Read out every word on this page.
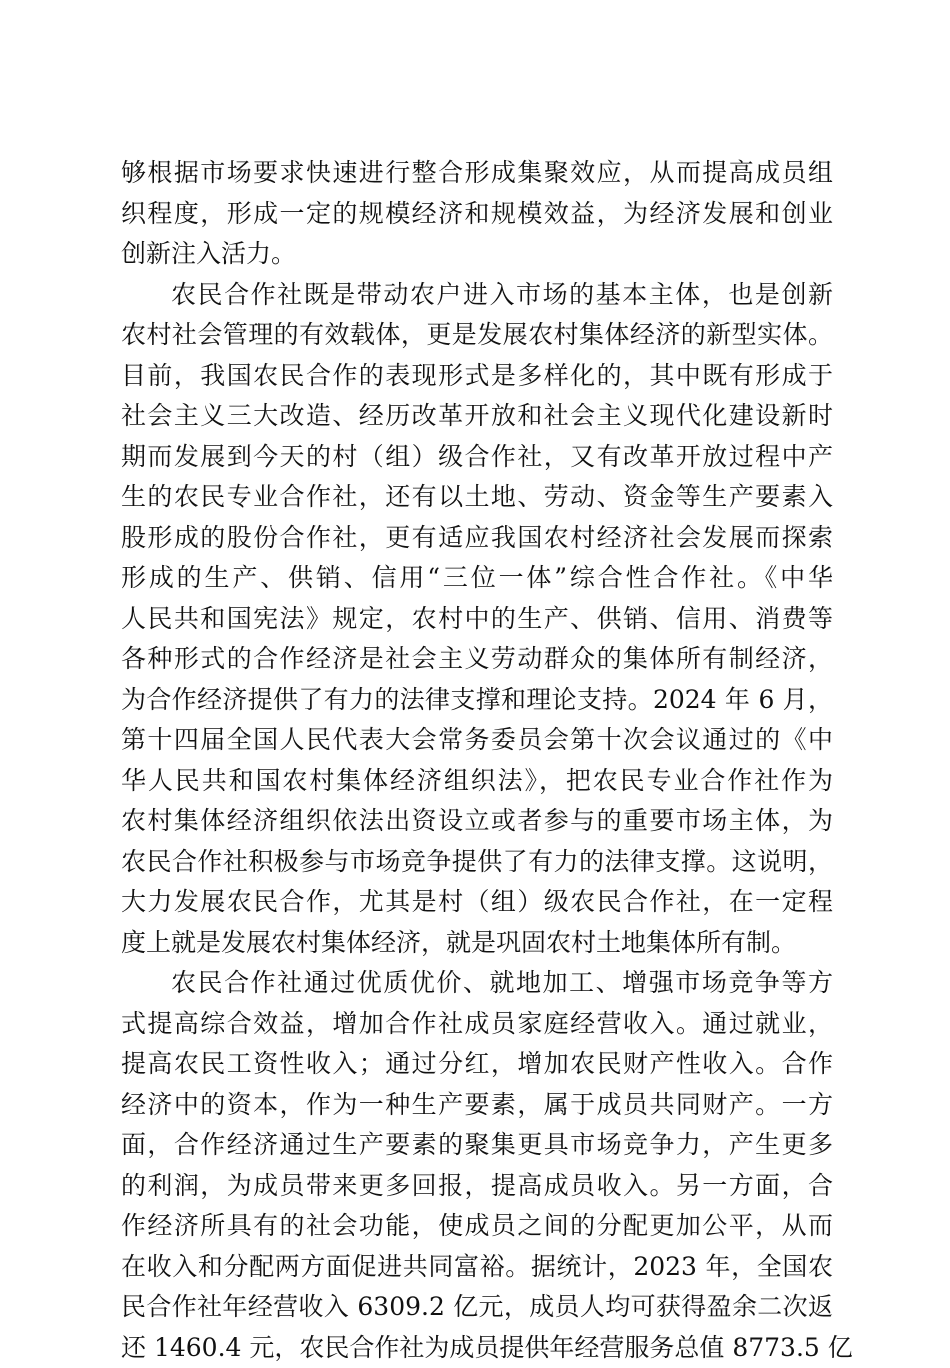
够根据市场要求快速进行整合形成集聚效应，从而提高成员组
织程度，形成一定的规模经济和规模效益，为经济发展和创业
创新注入活力。
农民合作社既是带动农户进入市场的基本主体，也是创新
农村社会管理的有效载体，更是发展农村集体经济的新型实体。
目前，我国农民合作的表现形式是多样化的，其中既有形成于
社会主义三大改造、经历改革开放和社会主义现代化建设新时
期而发展到今天的村（组）级合作社，又有改革开放过程中产
生的农民专业合作社，还有以土地、劳动、资金等生产要素入
股形成的股份合作社，更有适应我国农村经济社会发展而探索
形成的生产、供销、信用“三位一体”综合性合作社。《中华
人民共和国宪法》规定，农村中的生产、供销、信用、消费等
各种形式的合作经济是社会主义劳动群众的集体所有制经济，
为合作经济提供了有力的法律支撑和理论支持。2024 年 6 月，
第十四届全国人民代表大会常务委员会第十次会议通过的《中
华人民共和国农村集体经济组织法》，把农民专业合作社作为
农村集体经济组织依法出资设立或者参与的重要市场主体，为
农民合作社积极参与市场竞争提供了有力的法律支撑。这说明，
大力发展农民合作，尤其是村（组）级农民合作社，在一定程
度上就是发展农村集体经济，就是巩固农村土地集体所有制。
农民合作社通过优质优价、就地加工、增强市场竞争等方
式提高综合效益，增加合作社成员家庭经营收入。通过就业，
提高农民工资性收入；通过分红，增加农民财产性收入。合作
经济中的资本，作为一种生产要素，属于成员共同财产。一方
面，合作经济通过生产要素的聚集更具市场竞争力，产生更多
的利润，为成员带来更多回报，提高成员收入。另一方面，合
作经济所具有的社会功能，使成员之间的分配更加公平，从而
在收入和分配两方面促进共同富裕。据统计，2023 年，全国农
民合作社年经营收入 6309.2 亿元，成员人均可获得盈余二次返
还 1460.4 元，农民合作社为成员提供年经营服务总值 8773.5 亿
